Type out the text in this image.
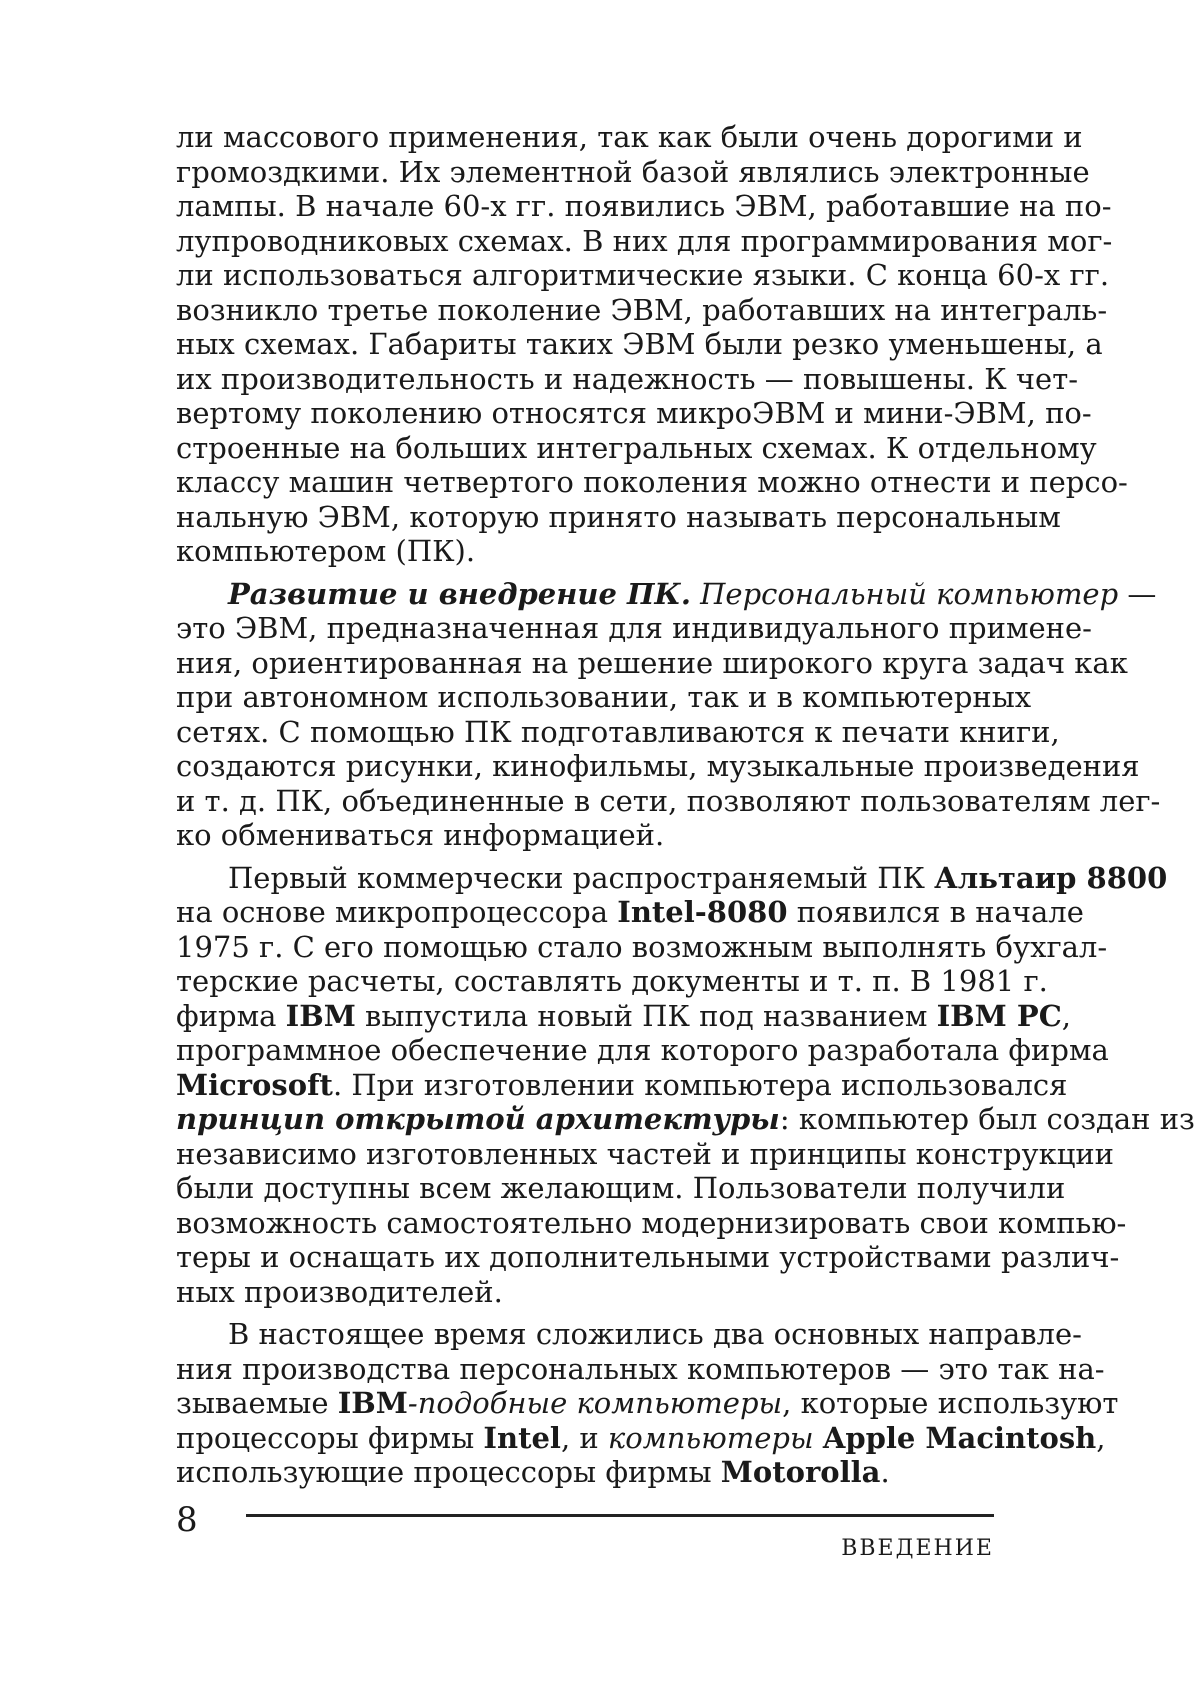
ли массового применения, так как были очень дорогими и
громоздкими. Их элементной базой являлись электронные
лампы. В начале 60-х гг. появились ЭВМ, работавшие на по-
лупроводниковых схемах. В них для программирования мог-
ли использоваться алгоритмические языки. С конца 60-х гг.
возникло третье поколение ЭВМ, работавших на интеграль-
ных схемах. Габариты таких ЭВМ были резко уменьшены, а
их производительность и надежность — повышены. К чет-
вертому поколению относятся микроЭВМ и мини-ЭВМ, по-
строенные на больших интегральных схемах. К отдельному
классу машин четвертого поколения можно отнести и персо-
нальную ЭВМ, которую принято называть персональным
компьютером (ПК).
Развитие и внедрение ПК. Персональный компьютер —
это ЭВМ, предназначенная для индивидуального примене-
ния, ориентированная на решение широкого круга задач как
при автономном использовании, так и в компьютерных
сетях. С помощью ПК подготавливаются к печати книги,
создаются рисунки, кинофильмы, музыкальные произведения
и т. д. ПК, объединенные в сети, позволяют пользователям лег-
ко обмениваться информацией.
Первый коммерчески распространяемый ПК Альтаир 8800
на основе микропроцессора Intel-8080 появился в начале
1975 г. С его помощью стало возможным выполнять бухгал-
терские расчеты, составлять документы и т. п. В 1981 г.
фирма IBM выпустила новый ПК под названием IBM PC,
программное обеспечение для которого разработала фирма
Microsoft. При изготовлении компьютера использовался
принцип открытой архитектуры: компьютер был создан из
независимо изготовленных частей и принципы конструкции
были доступны всем желающим. Пользователи получили
возможность самостоятельно модернизировать свои компью-
теры и оснащать их дополнительными устройствами различ-
ных производителей.
В настоящее время сложились два основных направле-
ния производства персональных компьютеров — это так на-
зываемые IBM-подобные компьютеры, которые используют
процессоры фирмы Intel, и компьютеры Apple Macintosh,
использующие процессоры фирмы Motorolla.
8
ВВЕДЕНИЕ
